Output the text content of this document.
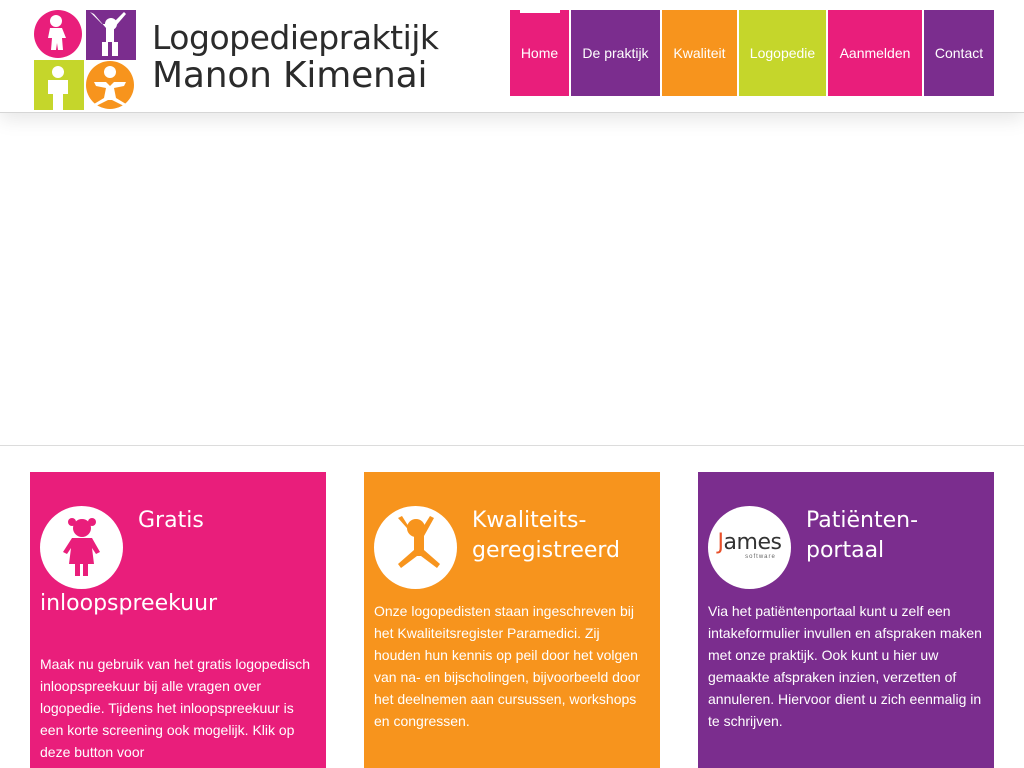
Logopediepraktijk
Manon Kimenai
Home De praktijk Kwaliteit Logopedie Aanmelden Contact
Gratis
inloopspreekuur
Maak nu gebruik van het gratis logopedisch inloopspreekuur bij alle vragen over logopedie. Tijdens het inloopspreekuur is een korte screening ook mogelijk. Klik op deze button voor
Kwaliteits-
geregistreerd
Onze logopedisten staan ingeschreven bij het Kwaliteitsregister Paramedici. Zij houden hun kennis op peil door het volgen van na- en bijscholingen, bijvoorbeeld door het deelnemen aan cursussen, workshops en congressen.
James
software
Patiënten-
portaal
Via het patiëntenportaal kunt u zelf een intakeformulier invullen en afspraken maken met onze praktijk. Ook kunt u hier uw gemaakte afspraken inzien, verzetten of annuleren. Hiervoor dient u zich eenmalig in te schrijven.
